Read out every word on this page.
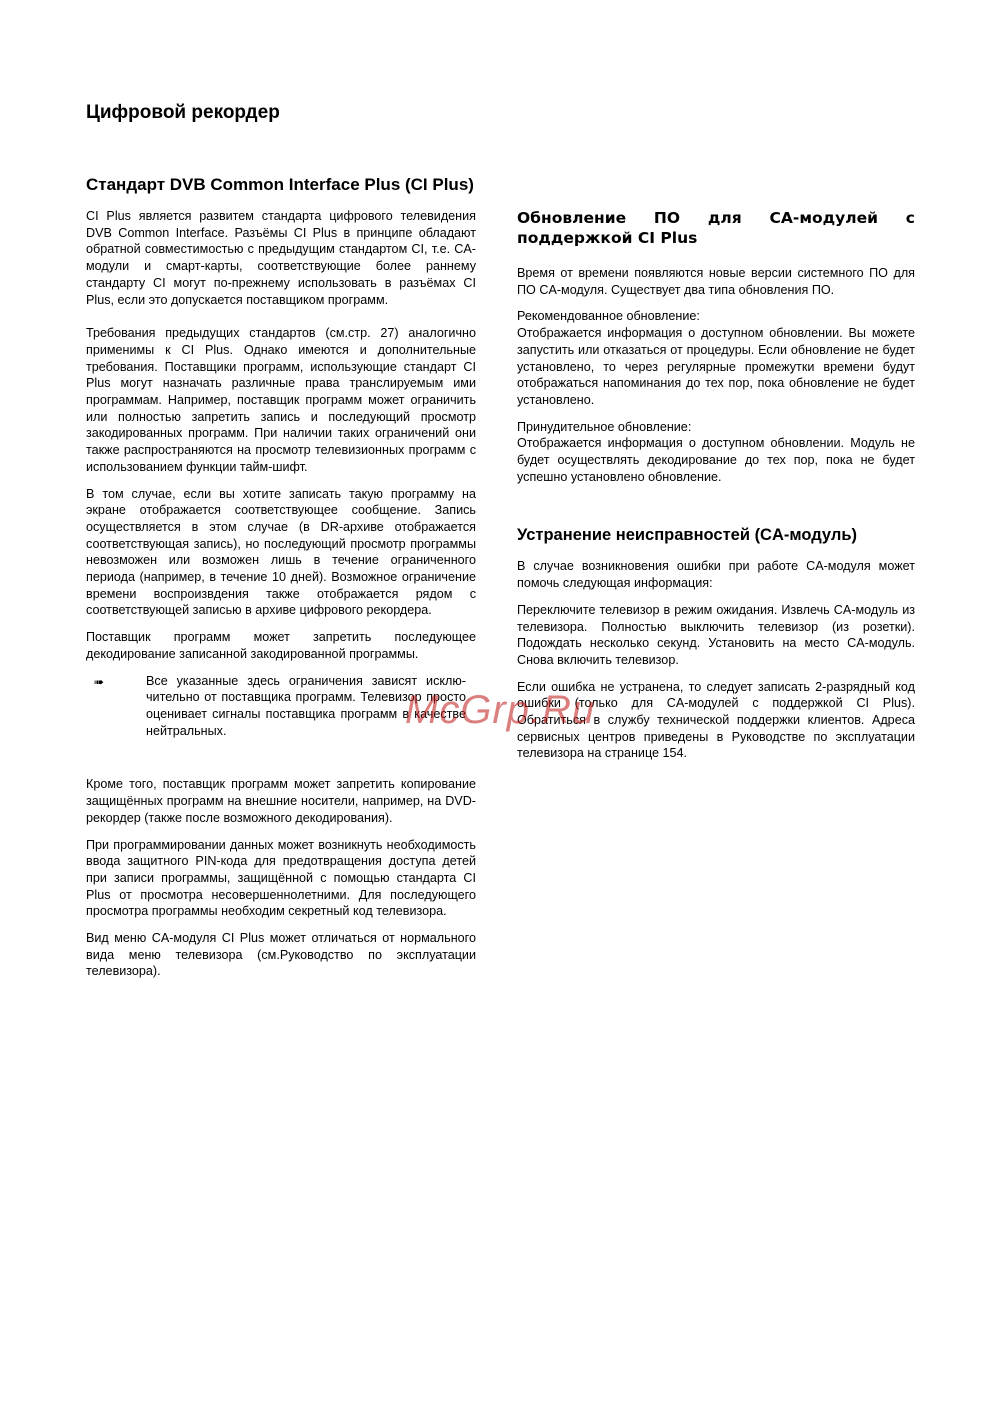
Цифровой рекордер
Стандарт DVB Common Interface Plus (CI Plus)

CI Plus является развитем стандарта цифрового телевидения DVB Common Interface. Разъёмы CI Plus в принципе обладают обратной совместимостью с предыдущим стандартом CI, т.е. CA-модули и смарт-карты, соответствующие более раннему стандарту CI могут по-прежнему использовать в разъёмах CI Plus, если это допускается поставщиком программ.

Требования предыдущих стандартов (см.стр. 27) аналогично применимы к CI Plus. Однако имеются и дополнительные требования. Поставщики программ, использующие стандарт CI Plus могут назначать различные права транслируемым ими программам. Например, поставщик программ может ограничить или полностью запретить запись и последующий просмотр закодированных программ. При наличии таких ограничений они также распространяются на просмотр телевизионных программ с использованием функции тайм-шифт.

В том случае, если вы хотите записать такую программу на экране отображается соответствующее сообщение. Запись осуществляется в этом случае (в DR-архиве отображается соответствующая запись), но последующий просмотр программы невозможен или возможен лишь в течение ограниченного периода (например, в течение 10 дней). Возможное ограничение времени воспроизвдения также отображается рядом с соответствующей записью в архиве цифрового рекордера.

Поставщик программ может запретить последующее декодирование записанной закодированной программы.

➠	Все указанные здесь ограничения зависят исклю-чительно от поставщика программ. Телевизор просто оценивает сигналы поставщика программ в качестве нейтральных.

Кроме того, поставщик программ может запретить копирование защищённых программ на внешние носители, например, на DVD-рекордер (также после возможного декодирования).

При программировании данных может возникнуть необходимость ввода защитного PIN-кода для предотвращения доступа детей при записи программы, защищённой с помощью стандарта CI Plus от просмотра несовершеннолетними. Для последующего просмотра программы необходим секретный код телевизора.

Вид меню CA-модуля CI Plus может отличаться от нормального вида меню телевизора (см.Руководство по эксплуатации телевизора).

Обновление ПО для CA-модулей с поддержкой CI Plus

Время от времени появляются новые версии системного ПО для ПО CA-модуля. Существует два типа обновления ПО.

Рекомендованное обновление:

Отображается информация о доступном обновлении. Вы можете запустить или отказаться от процедуры. Если обновление не будет установлено, то через регулярные промежутки времени будут отображаться напоминания до тех пор, пока обновление не будет установлено.

Принудительное обновление:

Отображается информация о доступном обновлении. Модуль не будет осуществлять декодирование до тех пор, пока не будет успешно установлено обновление.

Устранение неисправностей (CA-модуль)

В случае возникновения ошибки при работе CA-модуля может помочь следующая информация:

Переключите телевизор в режим ожидания. Извлечь CA-модуль из телевизора. Полностью выключить телевизор (из розетки). Подождать несколько секунд. Установить на место CA-модуль. Снова включить телевизор.

Если ошибка не устранена, то следует записать 2-разрядный код ошибки (только для CA-модулей с поддержкой CI Plus). Обратиться в службу технической поддержки клиентов. Адреса сервисных центров приведены в Руководстве по эксплуатации телевизора на странице 154.

McGrp.Ru
